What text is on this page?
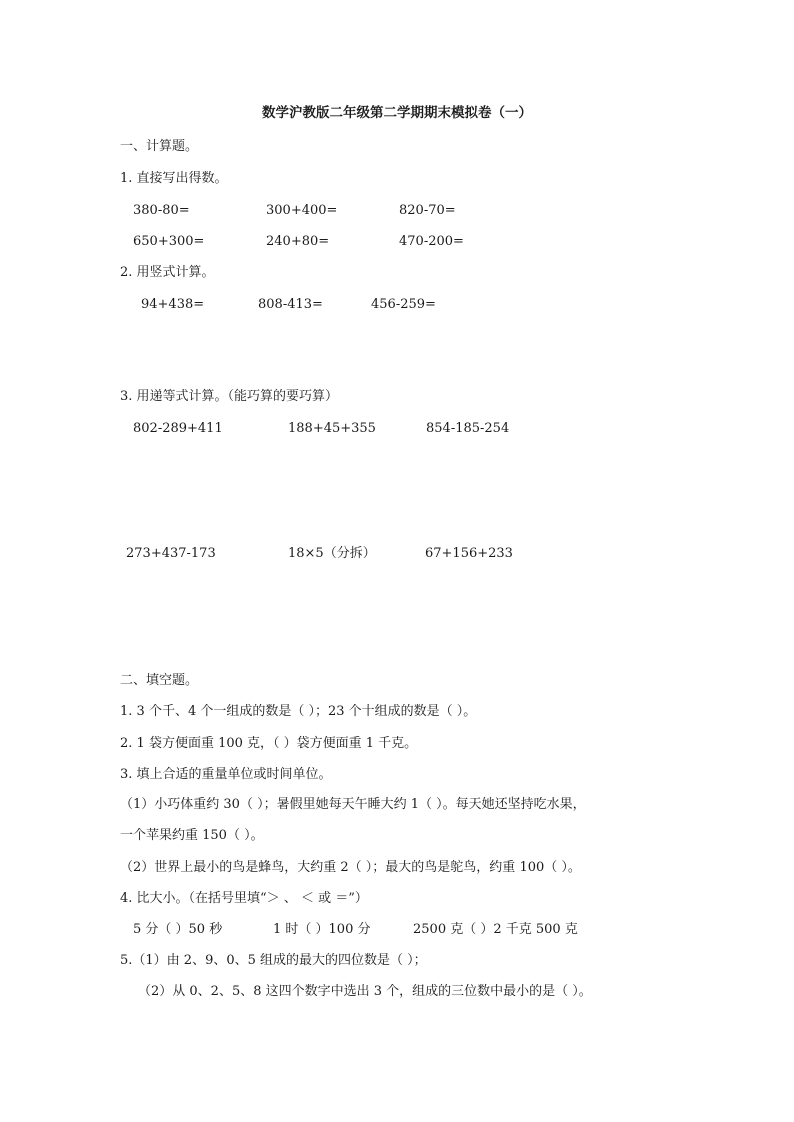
数学沪教版二年级第二学期期末模拟卷（一）
一、计算题。
1. 直接写出得数。
380-80=	300+400=	820-70=
650+300=	240+80=	470-200=
2. 用竖式计算。
94+438=	808-413=	456-259=
3. 用递等式计算。（能巧算的要巧算）
802-289+411	188+45+355	854-185-254
273+437-173	18×5（分拆）	67+156+233
二、填空题。
1. 3 个千、4 个一组成的数是（ ）；23 个十组成的数是（ ）。
2. 1 袋方便面重 100 克，（ ）袋方便面重 1 千克。
3. 填上合适的重量单位或时间单位。
（1）小巧体重约 30（ ）；暑假里她每天午睡大约 1（ ）。每天她还坚持吃水果，
一个苹果约重 150（ ）。
（2）世界上最小的鸟是蜂鸟，大约重 2（ ）；最大的鸟是鸵鸟，约重 100（ ）。
4. 比大小。（在括号里填“＞ 、 ＜ 或 ＝”）
5 分（ ）50 秒	1 时（ ）100 分	2500 克（ ）2 千克 500 克
5.（1）由 2、9、0、5 组成的最大的四位数是（ ）；
（2）从 0、2、5、8 这四个数字中选出 3 个，组成的三位数中最小的是（ ）。
